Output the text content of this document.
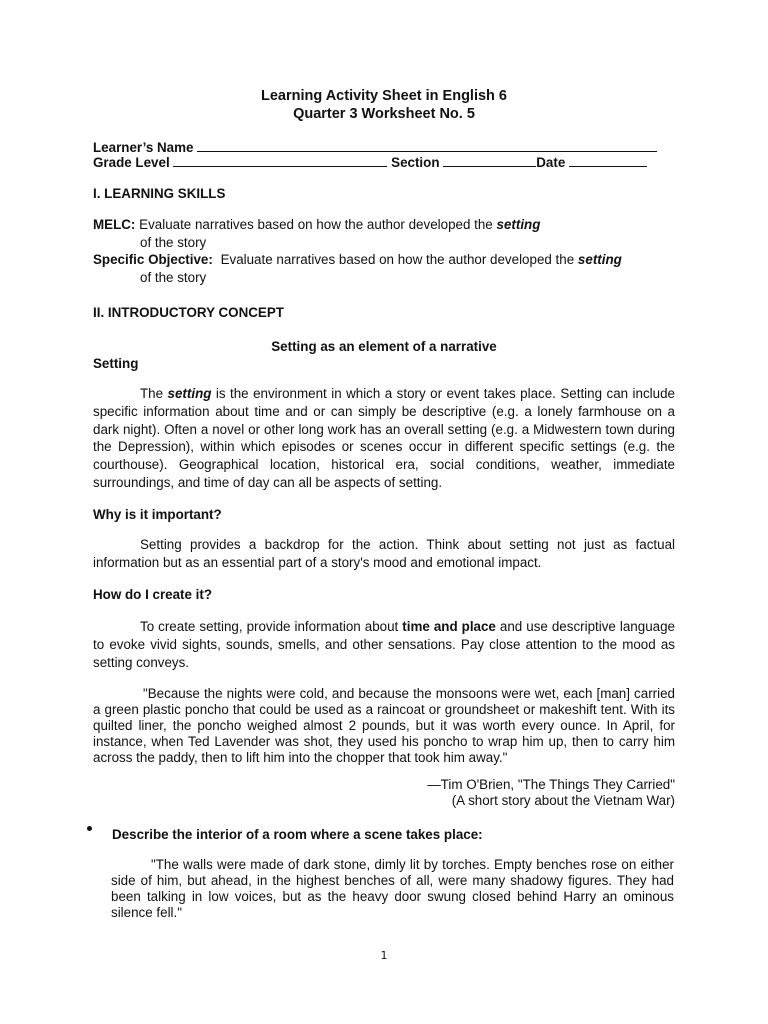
Learning Activity Sheet in English 6
Quarter 3 Worksheet No. 5
Learner’s Name
Grade Level	Section	Date
I. LEARNING SKILLS
MELC: Evaluate narratives based on how the author developed the setting
of the story
Specific Objective: Evaluate narratives based on how the author developed the setting
of the story
II. INTRODUCTORY CONCEPT
Setting as an element of a narrative
Setting
The setting is the environment in which a story or event takes place. Setting can include specific information about time and or can simply be descriptive (e.g. a lonely farmhouse on a dark night). Often a novel or other long work has an overall setting (e.g. a Midwestern town during the Depression), within which episodes or scenes occur in different specific settings (e.g. the courthouse). Geographical location, historical era, social conditions, weather, immediate surroundings, and time of day can all be aspects of setting.
Why is it important?
Setting provides a backdrop for the action. Think about setting not just as factual information but as an essential part of a story's mood and emotional impact.
How do I create it?
To create setting, provide information about time and place and use descriptive language to evoke vivid sights, sounds, smells, and other sensations. Pay close attention to the mood as setting conveys.
"Because the nights were cold, and because the monsoons were wet, each [man] carried a green plastic poncho that could be used as a raincoat or groundsheet or makeshift tent. With its quilted liner, the poncho weighed almost 2 pounds, but it was worth every ounce. In April, for instance, when Ted Lavender was shot, they used his poncho to wrap him up, then to carry him across the paddy, then to lift him into the chopper that took him away."
—Tim O'Brien, "The Things They Carried"
(A short story about the Vietnam War)
Describe the interior of a room where a scene takes place:
"The walls were made of dark stone, dimly lit by torches. Empty benches rose on either side of him, but ahead, in the highest benches of all, were many shadowy figures. They had been talking in low voices, but as the heavy door swung closed behind Harry an ominous silence fell."
1
